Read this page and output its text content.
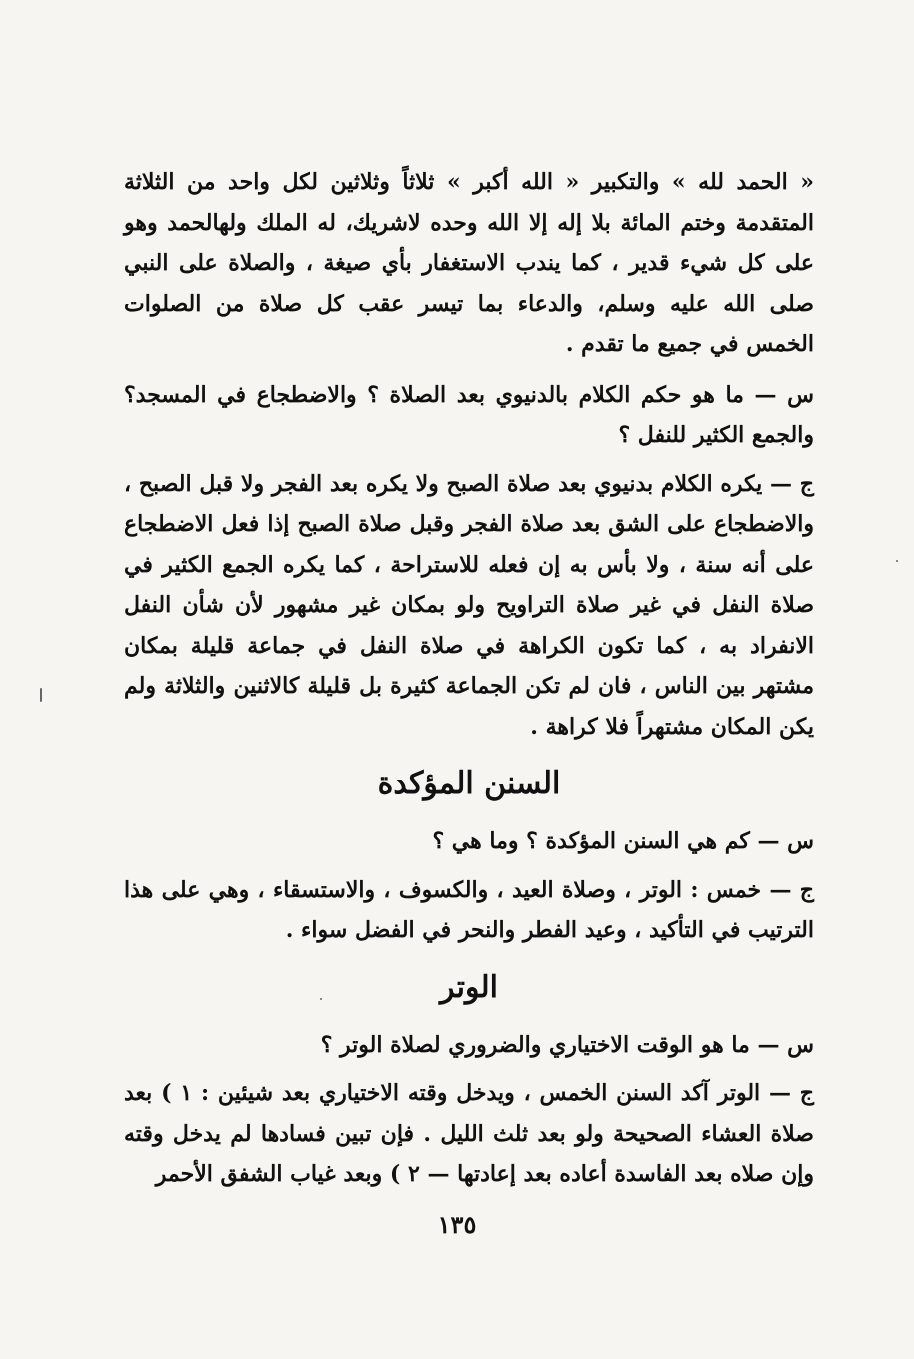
« الحمد لله » والتكبير « الله أكبر » ثلاثاً وثلاثين لكل واحد من الثلاثة المتقدمة وختم المائة بلا إله إلا الله وحده لاشريك، له الملك ولهالحمد وهو على كل شيء قدير ، كما يندب الاستغفار بأي صيغة ، والصلاة على النبي صلى الله عليه وسلم، والدعاء بما تيسر عقب كل صلاة من الصلوات الخمس في جميع ما تقدم .

س — ما هو حكم الكلام بالدنيوي بعد الصلاة ؟ والاضطجاع في المسجد؟ والجمع الكثير للنفل ؟

ج — يكره الكلام بدنيوي بعد صلاة الصبح ولا يكره بعد الفجر ولا قبل الصبح ، والاضطجاع على الشق بعد صلاة الفجر وقبل صلاة الصبح إذا فعل الاضطجاع على أنه سنة ، ولا بأس به إن فعله للاستراحة ، كما يكره الجمع الكثير في صلاة النفل في غير صلاة التراويح ولو بمكان غير مشهور لأن شأن النفل الانفراد به ، كما تكون الكراهة في صلاة النفل في جماعة قليلة بمكان مشتهر بين الناس ، فان لم تكن الجماعة كثيرة بل قليلة كالاثنين والثلاثة ولم يكن المكان مشتهراً فلا كراهة .

السنن المؤكدة

س — كم هي السنن المؤكدة ؟ وما هي ؟

ج — خمس : الوتر ، وصلاة العيد ، والكسوف ، والاستسقاء ، وهي على هذا الترتيب في التأكيد ، وعيد الفطر والنحر في الفضل سواء .

الوتر

س — ما هو الوقت الاختياري والضروري لصلاة الوتر ؟

ج — الوتر آكد السنن الخمس ، ويدخل وقته الاختياري بعد شيئين : ١ ) بعد صلاة العشاء الصحيحة ولو بعد ثلث الليل . فإن تبين فسادها لم يدخل وقته وإن صلاه بعد الفاسدة أعاده بعد إعادتها — ٢ ) وبعد غياب الشفق الأحمر

١٣٥
